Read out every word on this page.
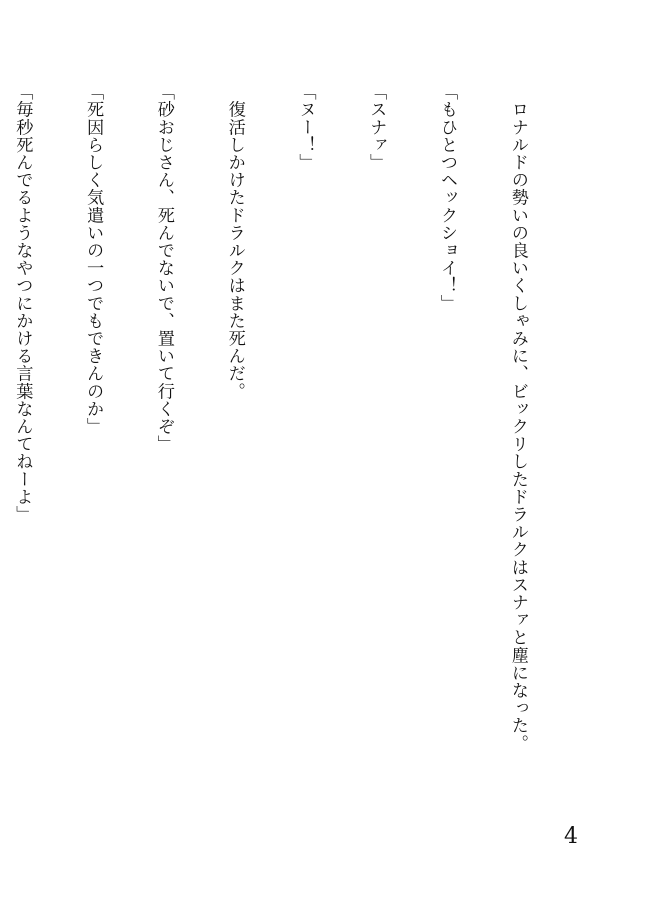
　ロナルドの勢いの良いくしゃみに、ビックリしたドラルクはスナァと塵になった。

「もひとつヘックショイ！」

「スナァ」

「ヌー！」

　復活しかけたドラルクはまた死んだ。

「砂おじさん、死んでないで、置いて行くぞ」

「死因らしく気遣いの一つでもできんのか」

「毎秒死んでるようなやつにかける言葉なんてねーよ」

4
